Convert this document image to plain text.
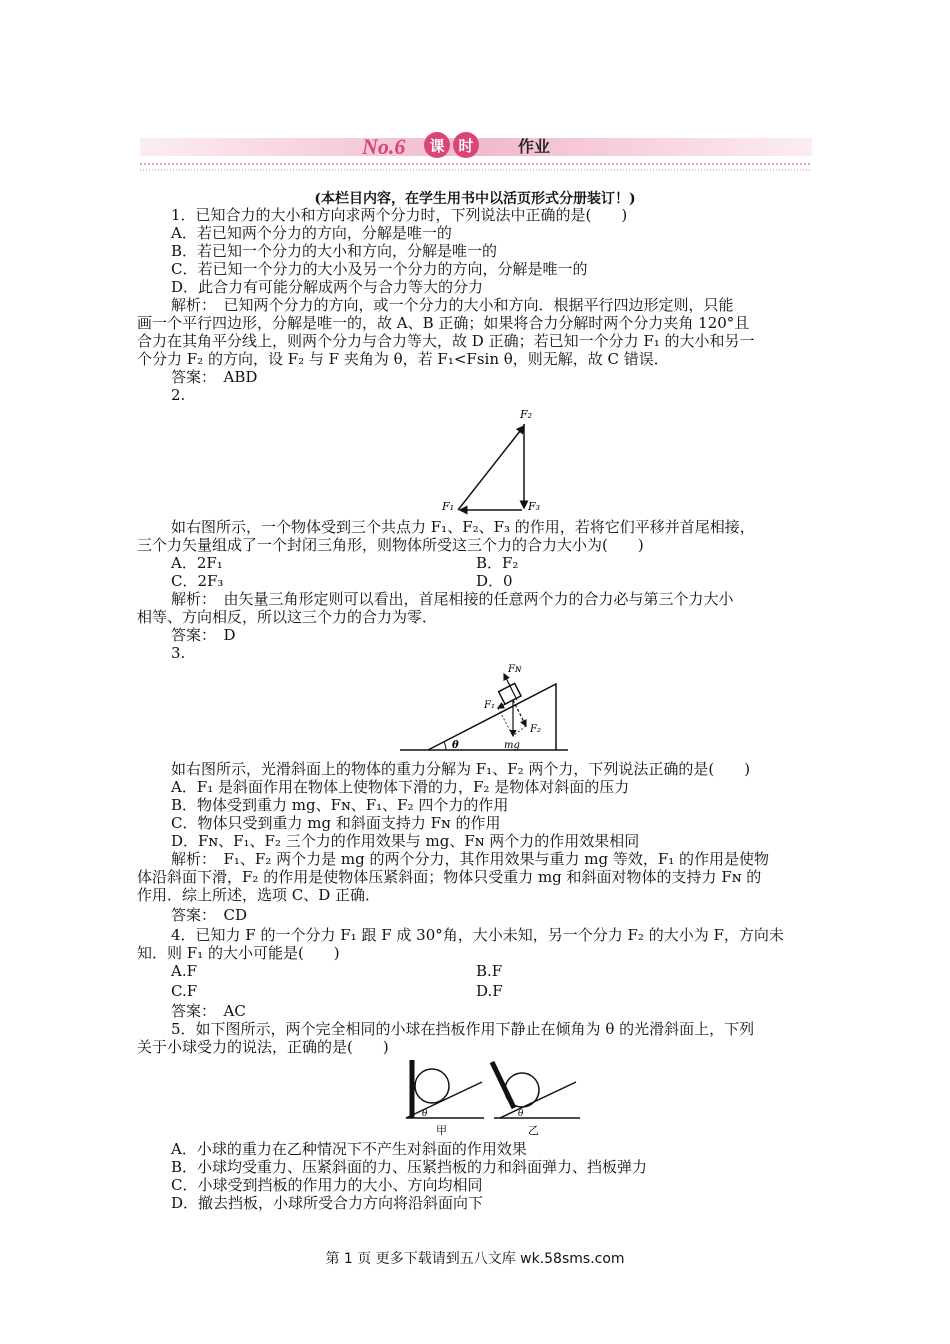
No.6 课 时	作业
(本栏目内容，在学生用书中以活页形式分册装订！)
1．已知合力的大小和方向求两个分力时，下列说法中正确的是(　　)
A．若已知两个分力的方向，分解是唯一的
B．若已知一个分力的大小和方向，分解是唯一的
C．若已知一个分力的大小及另一个分力的方向，分解是唯一的
D．此合力有可能分解成两个与合力等大的分力
解析：　已知两个分力的方向，或一个分力的大小和方向．根据平行四边形定则，只能
画一个平行四边形，分解是唯一的，故 A、B 正确；如果将合力分解时两个分力夹角 120°且
合力在其角平分线上，则两个分力与合力等大，故 D 正确；若已知一个分力 F₁ 的大小和另一
个分力 F₂ 的方向，设 F₂ 与 F 夹角为 θ，若 F₁<Fsin θ，则无解，故 C 错误．
答案：　ABD
2.
F₂
F₁	F₃
如右图所示，一个物体受到三个共点力 F₁、F₂、F₃ 的作用，若将它们平移并首尾相接，
三个力矢量组成了一个封闭三角形，则物体所受这三个力的合力大小为(　　)
A．2F₁	B．F₂
C．2F₃	D．0
解析：　由矢量三角形定则可以看出，首尾相接的任意两个力的合力必与第三个力大小
相等、方向相反，所以这三个力的合力为零．
答案：　D
3.
θ
Fɴ
F₁
F₂
mg
如右图所示，光滑斜面上的物体的重力分解为 F₁、F₂ 两个力，下列说法正确的是(　　)
A．F₁ 是斜面作用在物体上使物体下滑的力，F₂ 是物体对斜面的压力
B．物体受到重力 mg、Fɴ、F₁、F₂ 四个力的作用
C．物体只受到重力 mg 和斜面支持力 Fɴ 的作用
D．Fɴ、F₁、F₂ 三个力的作用效果与 mg、Fɴ 两个力的作用效果相同
解析：　F₁、F₂ 两个力是 mg 的两个分力，其作用效果与重力 mg 等效，F₁ 的作用是使物
体沿斜面下滑，F₂ 的作用是使物体压紧斜面；物体只受重力 mg 和斜面对物体的支持力 Fɴ 的
作用．综上所述，选项 C、D 正确．
答案：　CD
4．已知力 F 的一个分力 F₁ 跟 F 成 30°角，大小未知，另一个分力 F₂ 的大小为 F，方向未
知．则 F₁ 的大小可能是(　　)
A.F	B.F
C.F	D.F
答案：　AC
5．如下图所示，两个完全相同的小球在挡板作用下静止在倾角为 θ 的光滑斜面上，下列
关于小球受力的说法，正确的是(　　)
θ
甲
θ
乙
A．小球的重力在乙种情况下不产生对斜面的作用效果
B．小球均受重力、压紧斜面的力、压紧挡板的力和斜面弹力、挡板弹力
C．小球受到挡板的作用力的大小、方向均相同
D．撤去挡板，小球所受合力方向将沿斜面向下
第 1 页 更多下载请到五八文库 wk.58sms.com
